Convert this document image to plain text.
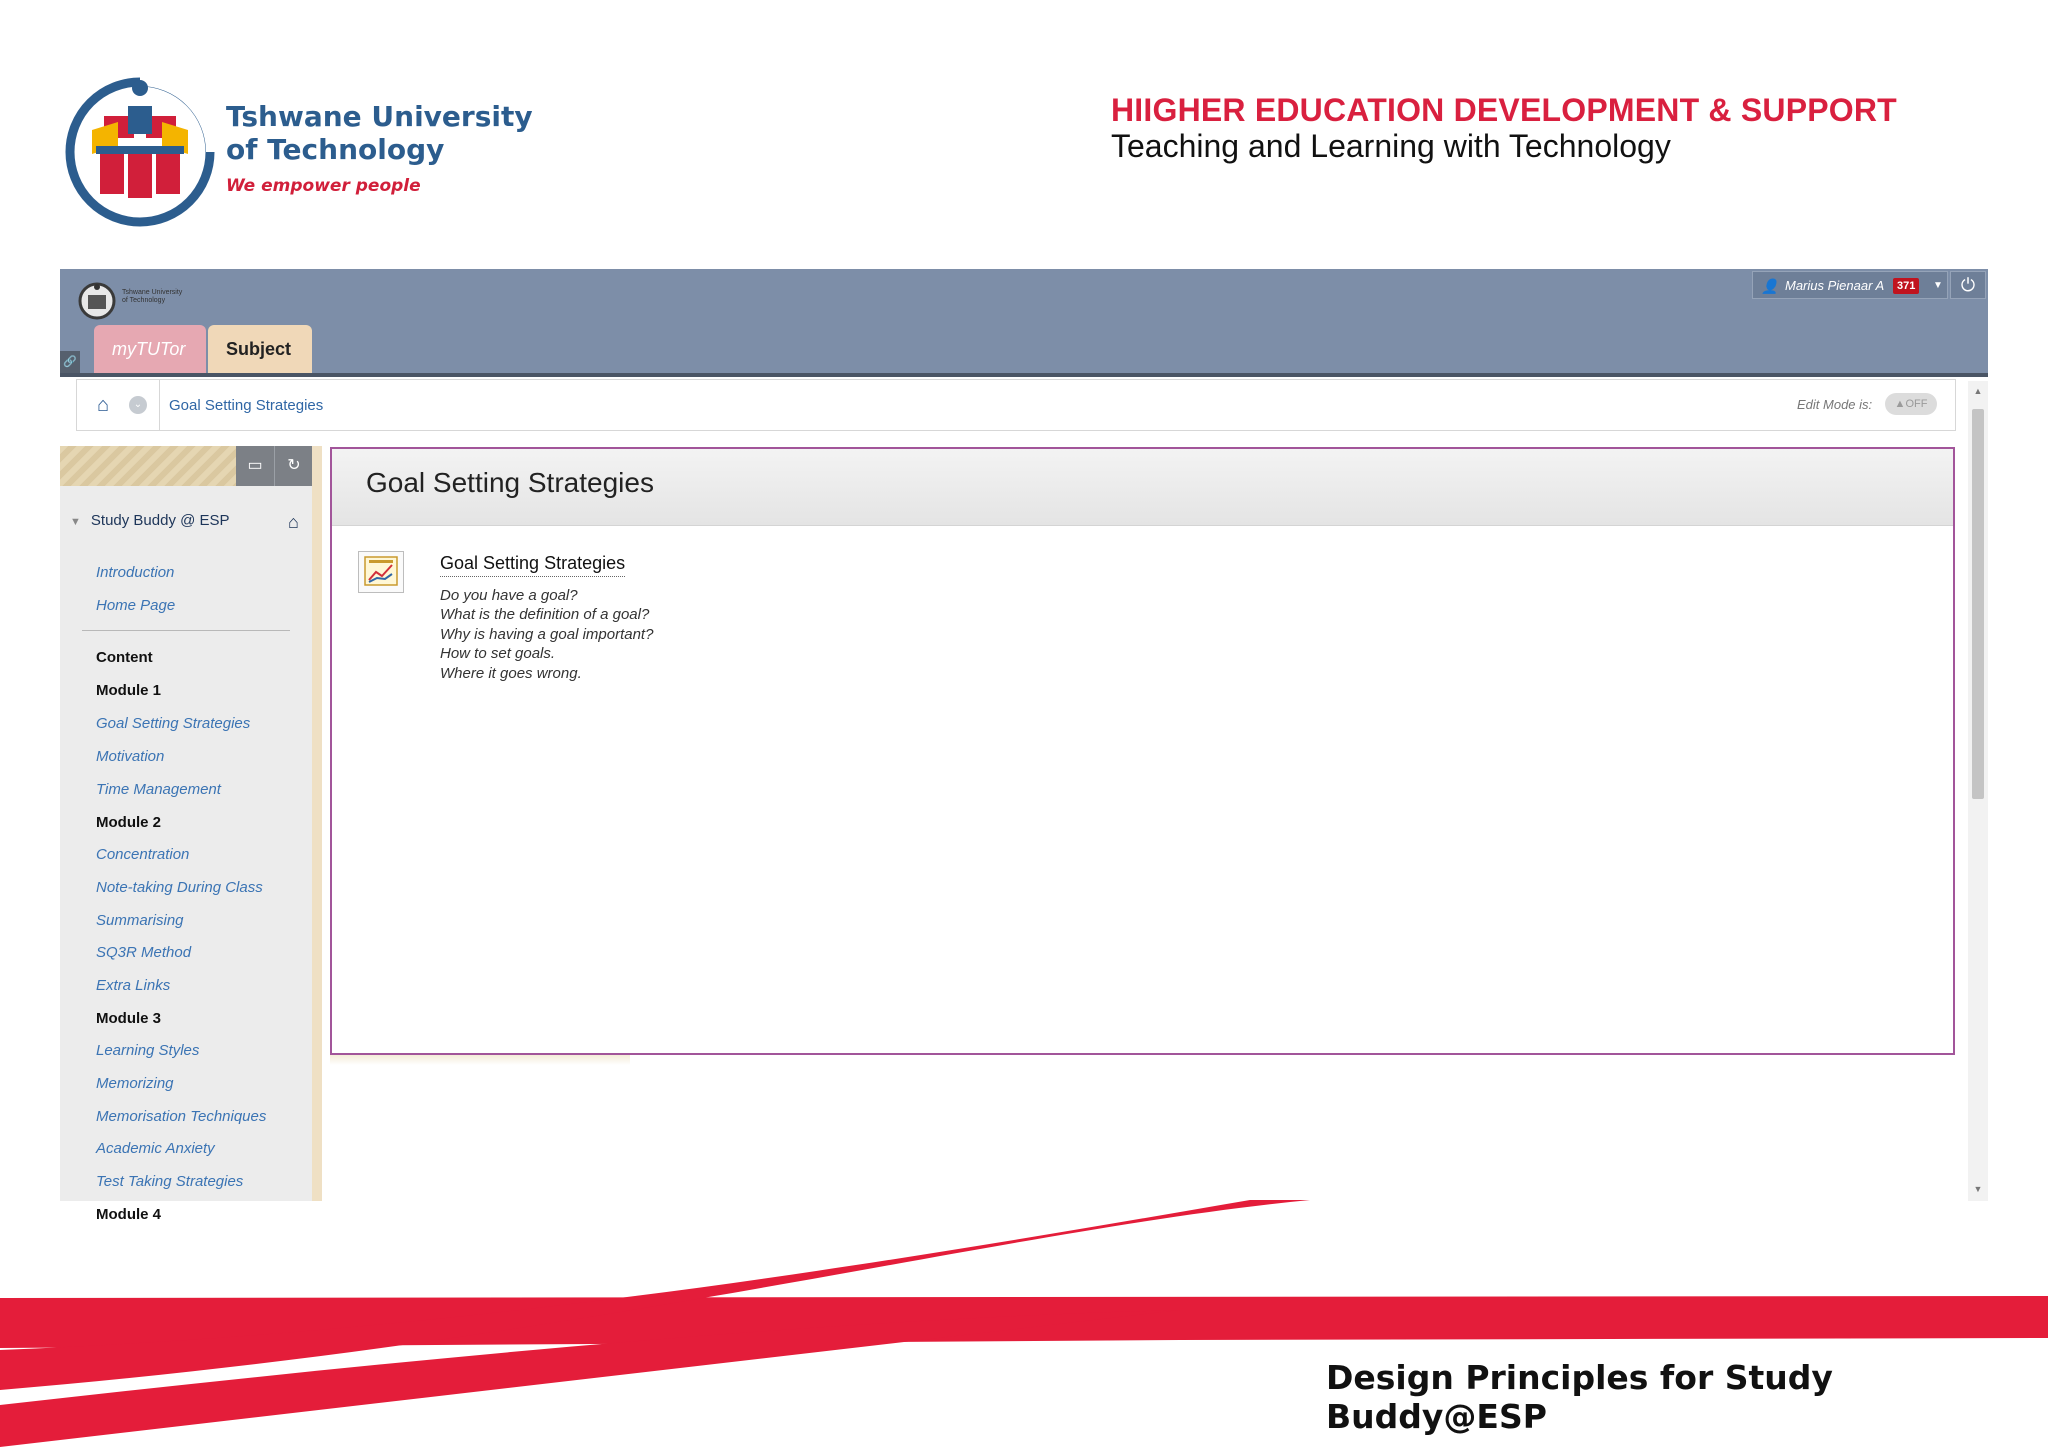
Tshwane University
of Technology
We empower people
HIIGHER EDUCATION DEVELOPMENT & SUPPORT
Teaching and Learning with Technology
Tshwane University
of Technology
🔗
myTUTor	Subject
👤 Marius Pienaar A	371	▼ ⏻
⌂	⌄	Goal Setting Strategies	Edit Mode is:	▲OFF
▲
▼
▭	↻
▼ Study Buddy @ ESP	⌂
Introduction
Home Page
Content
Module 1
Goal Setting Strategies
Motivation
Time Management
Module 2
Concentration
Note-taking During Class
Summarising
SQ3R Method
Extra Links
Module 3
Learning Styles
Memorizing
Memorisation Techniques
Academic Anxiety
Test Taking Strategies
Module 4
Goal Setting Strategies
Goal Setting Strategies
Do you have a goal?
What is the definition of a goal?
Why is having a goal important?
How to set goals.
Where it goes wrong.
Design Principles for Study Buddy@ESP
